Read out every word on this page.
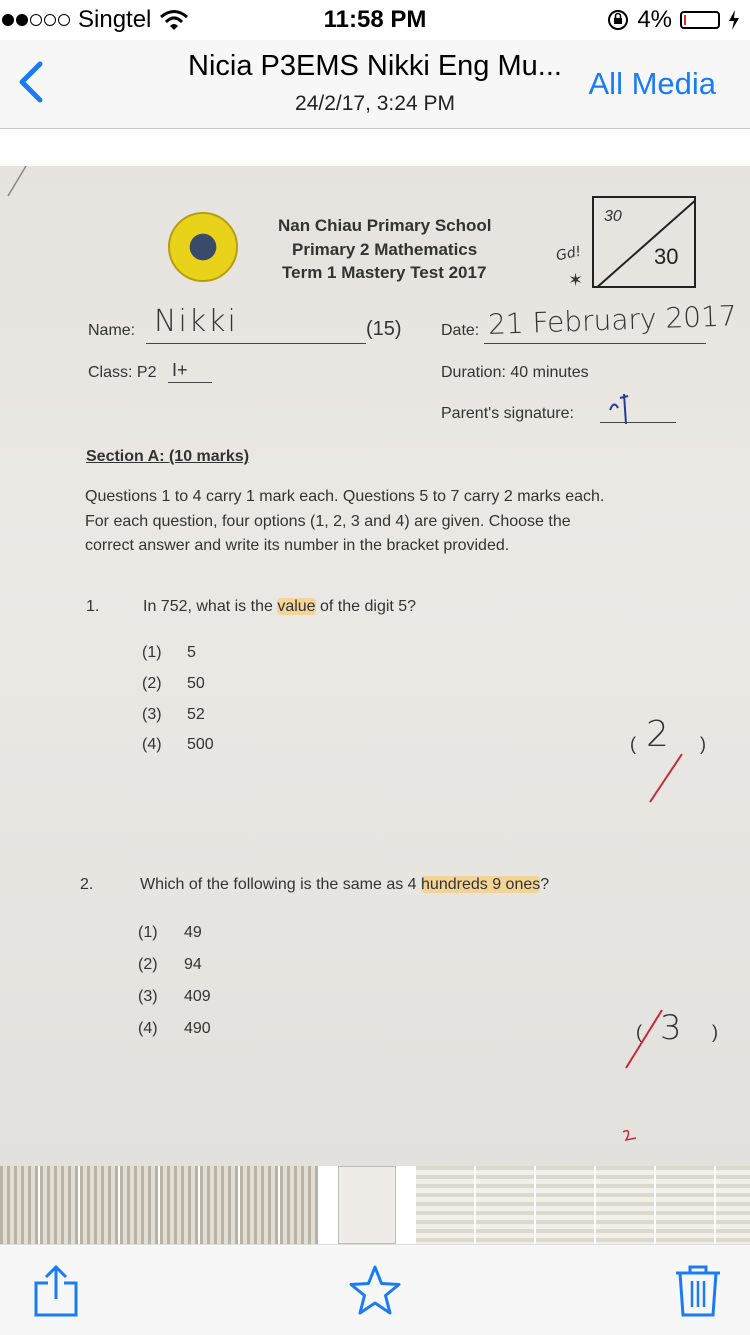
Singtel	11:58 PM	4%
Nicia P3EMS Nikki Eng Mu...
24/2/17, 3:24 PM
All Media
Nan Chiau Primary School
Primary 2 Mathematics
Term 1 Mastery Test 2017
Gd!
✶
30
30
Name: Nikki	(15) Date: 21 February 2017
Class: P2 I+	Duration: 40 minutes
Parent's signature:
Section A: (10 marks)
Questions 1 to 4 carry 1 mark each. Questions 5 to 7 carry 2 marks each.
For each question, four options (1, 2, 3 and 4) are given. Choose the
correct answer and write its number in the bracket provided.
1.	In 752, what is the value of the digit 5?
(1) 5
(2) 50
(3) 52
(4) 500	( 2 )
2.	Which of the following is the same as 4 hundreds 9 ones?
(1) 49
(2) 94
(3) 409
(4) 490	( 3 )
